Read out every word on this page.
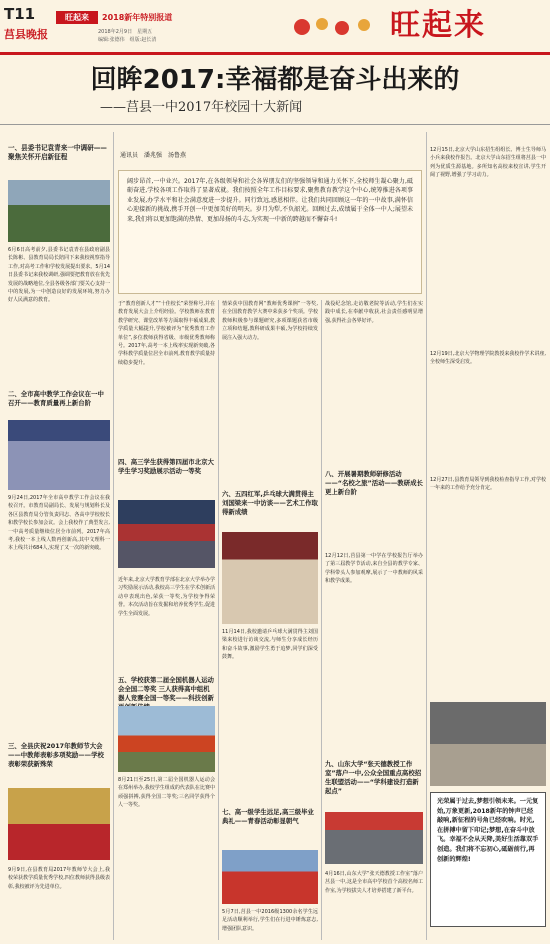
T11	旺起来	2018新年特别报道
莒县晚报	2018年2月9日　星期五
编辑:张德伟　组版:赵长清	旺起来
回眸2017:幸福都是奋斗出来的
——莒县一中2017年校园十大新闻
一、县委书记袁青来一中调研——聚焦关怀开启新征程
6月6日高考前夕,县委书记袁青在县政府副县长陈彬、县教育局局长陪同下来我校视察指导工作,对高考工作和学校发展提出要求。5月14日县委书记来我校调研,强调要把教育放在优先发展的战略地位,全县各级各部门要关心支持一中的发展,为一中创造良好的发展环境,努力办好人民满意的教育。
二、全市高中教学工作会议在一中召开——教育质量再上新台阶
9月24日,2017年全市高中教学工作会议在我校召开。市教育局副局长、发展与规划科长及各区县教育局分管负责同志、各高中学校校长和教学校长参加会议。会上我校作了典型发言,一中高考质量继续位居全市前列。2017年高考,我校一本上线人数再创新高,其中文理科一本上线共计684人,实现了又一次的新突破。
三、全县庆祝2017年教师节大会——中教师表彰多项奖励——学校表彰荣获新殊荣
9月9日,在县教育局2017年教师节大会上,我校荣获教学质量优秀学校,四位教师获得县级表彰,我校被评为先进单位。
通讯员　潘兆强　汤鲁燕
阔步昂首,一中业兴。2017年,在各级领导和社会各界朋友们的坚强领导和通力关怀下,全校师生凝心聚力,砥砺奋进,学校各项工作取得了显著成就。我们按照全年工作目标要求,聚焦教育教学这个中心,统筹推进各项事业发展,办学水平和社会满意度进一步提升。同行致远,感恩相伴。让我们共同回顾这一年的一中故事,满怀信心迎接新的挑战,携手开创一中更加美好的明天。岁月为犁,不负韶光。回顾过去,成绩属于全体一中人;展望未来,我们将以更加饱满的热情、更加昂扬的斗志,为实现一中新的跨越而不懈奋斗!
于“教育创新人才”“十佳校长”荣誉称号,并在教育发展大会上介绍经验。学校教师在教育教学研究、课堂改革等方面取得丰硕成果,教学质量大幅提升,学校被评为“优秀教育工作单位”,多位教师获得省级、市级优秀教师称号。2017年,高考一本上线率实现新突破,各学科教学质量位居全市前列,教育教学质量持续稳步提升。
四、高三学生获得第四届市北京大学生学习奖励展示活动一等奖
近年来,北京大学教育学部在北京大学举办学习奖励展示活动,我校高三学生在学术创新活动中表现出色,荣获一等奖,为学校争得荣誉。本次活动旨在发掘和培养优秀学生,促进学生全面发展。
五、学校获第二届全国机器人运动会全国二等奖 三人获得高中组机器人竞赛全国一等奖——科技创新
8月21日至25日,第二届全国机器人运动会在郑州举办,我校学生组成的代表队在比赛中顽强拼搏,获得全国二等奖;三名同学获得个人一等奖。
情荣获中国教育网“教师优秀课例”一等奖,在全国教育教学大赛中荣获多个奖项。学校教师积极参与课题研究,多项课题获省市级立项和结题,教科研成果丰硕,为学校持续发展注入强大动力。
六、五四红军,乒乓球大满贯得主刘国梁来一中访谈——艺术工作取得新成绩
11月14日,我校邀请乒乓球大满贯得主刘国梁来校进行访谈交流,与师生分享成长经历和奋斗故事,激励学生勇于追梦,同学们深受鼓舞。
七、高一级学生远足,高三级毕业典礼——青春活动彰显朝气
5月7日,莒县一中2016级1300余名学生远足活动顺利举行,学生们在行进中锤炼意志,增强团队意识。
战役纪念馆,走访敬老院等活动,学生们在实践中成长,在奉献中收获,社会责任感明显增强,获得社会各界好评。
八、开展暑期教师研修活动——“名校之旅”活动——教研成长更上新台阶
12月12日,莒县第一中学在学校报告厅举办了第三届教学节活动,来自全县的教学专家、学科带头人参加观摩,展示了一中教师的风采和教学成果。
九、山东大学“张天德教授工作室”落户一中,公众全国重点高校招生联盟活动——“学科建设打造新起点”
4月16日,山东大学“张天德教授工作室”落户莒县一中,这是全市高中学校首个高校名师工作室,为学校拔尖人才培养搭建了新平台。
12月15日,北京大学山东招生组组长、博士生导师马小兵来我校作报告。北京大学山东招生组将莒县一中列为优质生源基地。多所知名高校来校宣讲,学生开阔了视野,增强了学习动力。
12月19日,北京大学物理学院教授来我校作学术讲座,全校师生深受启发。
12月27日,县教育局领导到我校检查指导工作,对学校一年来的工作给予充分肯定。
光荣属于过去,梦想引领未来。一元复始,万象更新,2018新年的钟声已经敲响,新征程的号角已经吹响。时光,在拼搏中留下印记;梦想,在奋斗中放飞。幸福不会从天降,美好生活靠双手创造。我们将不忘初心,砥砺前行,再创新的辉煌!
